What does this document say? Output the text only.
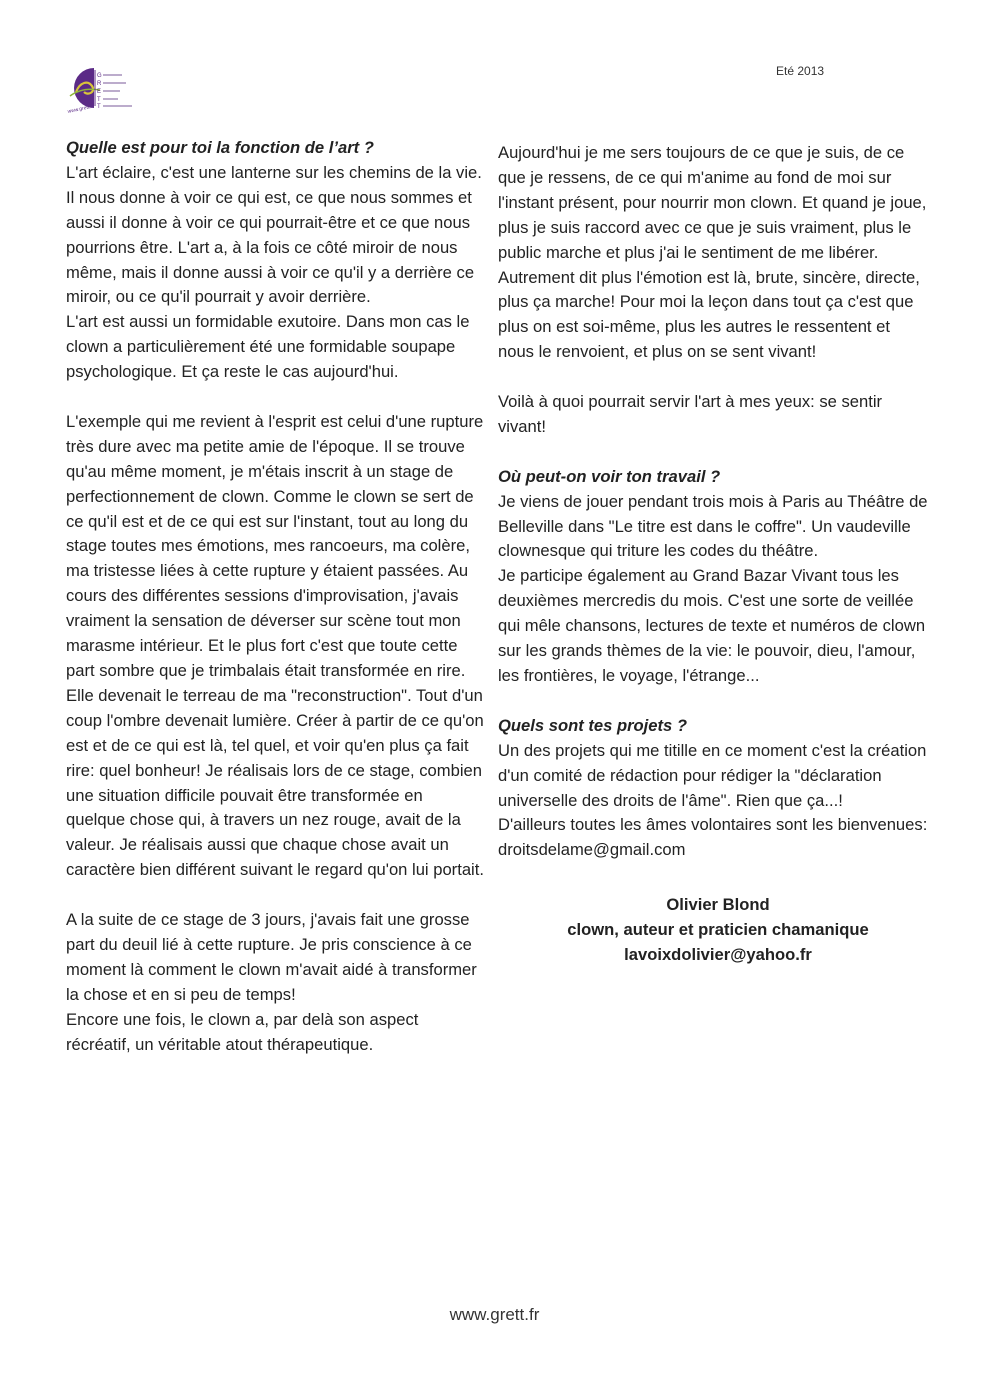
G
R
E
T
T
www.grett.fr
Eté 2013

Quelle est pour toi la fonction de l’art ?

L'art éclaire, c'est une lanterne sur les chemins de la vie. Il nous donne à voir ce qui est, ce que nous sommes et aussi il donne à voir ce qui pourrait-être et ce que nous pourrions être. L'art a, à la fois ce côté miroir de nous même, mais il donne aussi à voir ce qu'il y a derrière ce miroir, ou ce qu'il pourrait y avoir derrière.

L'art est aussi un formidable exutoire. Dans mon cas le clown a particulièrement été une formidable soupape psychologique. Et ça reste le cas aujourd'hui.

L'exemple qui me revient à l'esprit est celui d'une rupture très dure avec ma petite amie de l'époque. Il se trouve qu'au même moment, je m'étais inscrit à un stage de perfectionnement de clown. Comme le clown se sert de ce qu'il est et de ce qui est sur l'instant, tout au long du stage toutes mes émotions, mes rancoeurs, ma colère, ma tristesse liées à cette rupture y étaient passées. Au cours des différentes sessions d'improvisation, j'avais vraiment la sensation de déverser sur scène tout mon marasme intérieur. Et le plus fort c'est que toute cette part sombre que je trimbalais était transformée en rire. Elle devenait le terreau de ma "reconstruction". Tout d'un coup l'ombre devenait lumière. Créer à partir de ce qu'on est et de ce qui est là, tel quel, et voir qu'en plus ça fait rire: quel bonheur! Je réalisais lors de ce stage, combien une situation difficile pouvait être transformée en quelque chose qui, à travers un nez rouge, avait de la valeur. Je réalisais aussi que chaque chose avait un caractère bien différent suivant le regard qu'on lui portait.

A la suite de ce stage de 3 jours, j'avais fait une grosse part du deuil lié à cette rupture. Je pris conscience à ce moment là comment le clown m'avait aidé à transformer la chose et en si peu de temps!

Encore une fois, le clown a, par delà son aspect récréatif, un véritable atout thérapeutique.

Aujourd'hui je me sers toujours de ce que je suis, de ce que je ressens, de ce qui m'anime au fond de moi sur l'instant présent, pour nourrir mon clown. Et quand je joue, plus je suis raccord avec ce que je suis vraiment, plus le public marche et plus j'ai le sentiment de me libérer. Autrement dit plus l'émotion est là, brute, sincère, directe, plus ça marche! Pour moi la leçon dans tout ça c'est que plus on est soi-même, plus les autres le ressentent et nous le renvoient, et plus on se sent vivant!

Voilà à quoi pourrait servir l'art à mes yeux: se sentir vivant!

Où peut-on voir ton travail ?

Je viens de jouer pendant trois mois à Paris au Théâtre de Belleville dans "Le titre est dans le coffre". Un vaudeville clownesque qui triture les codes du théâtre.

Je participe également au Grand Bazar Vivant tous les deuxièmes mercredis du mois. C'est une sorte de veillée qui mêle chansons, lectures de texte et numéros de clown sur les grands thèmes de la vie: le pouvoir, dieu, l'amour, les frontières, le voyage, l'étrange...

Quels sont tes projets ?

Un des projets qui me titille en ce moment c'est la création d'un comité de rédaction pour rédiger la "déclaration universelle des droits de l'âme". Rien que ça...!

D'ailleurs toutes les âmes volontaires sont les bienvenues:

droitsdelame@gmail.com

Olivier Blond
clown, auteur et praticien chamanique
lavoixdolivier@yahoo.fr
www.grett.fr
